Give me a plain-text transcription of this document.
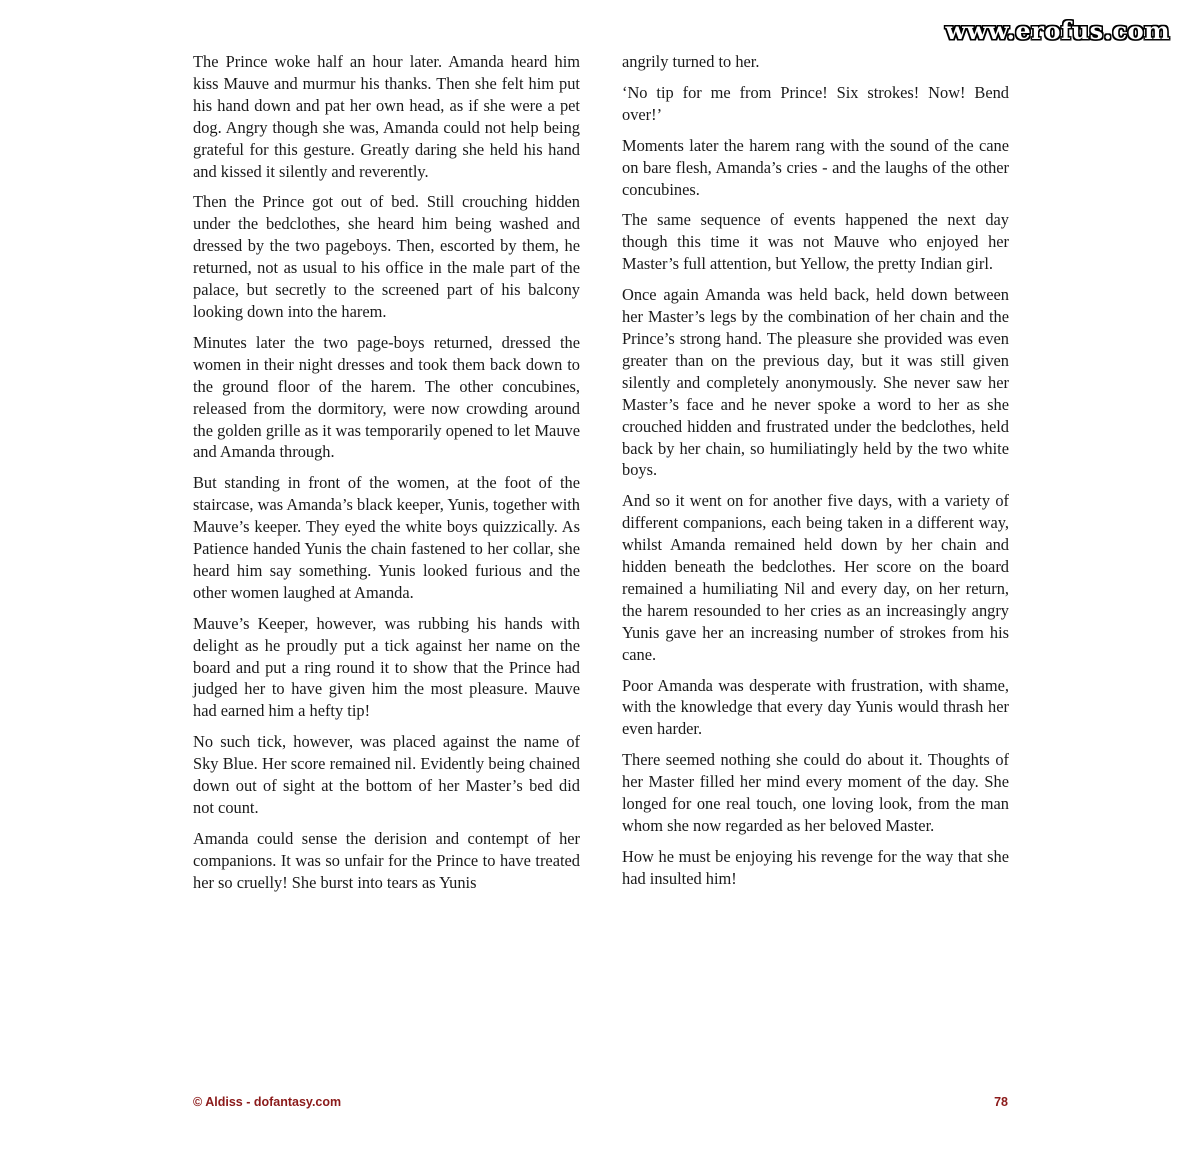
www.erofus.com

The Prince woke half an hour later. Amanda heard him kiss Mauve and murmur his thanks. Then she felt him put his hand down and pat her own head, as if she were a pet dog. Angry though she was, Amanda could not help being grateful for this gesture. Greatly daring she held his hand and kissed it silently and reverently.

Then the Prince got out of bed. Still crouching hidden under the bedclothes, she heard him being washed and dressed by the two pageboys. Then, escorted by them, he returned, not as usual to his office in the male part of the palace, but secretly to the screened part of his balcony looking down into the harem.

Minutes later the two page-boys returned, dressed the women in their night dresses and took them back down to the ground floor of the harem. The other concubines, released from the dormitory, were now crowding around the golden grille as it was temporarily opened to let Mauve and Amanda through.

But standing in front of the women, at the foot of the staircase, was Amanda’s black keeper, Yunis, together with Mauve’s keeper. They eyed the white boys quizzically. As Patience handed Yunis the chain fastened to her collar, she heard him say something. Yunis looked furious and the other women laughed at Amanda.

Mauve’s Keeper, however, was rubbing his hands with delight as he proudly put a tick against her name on the board and put a ring round it to show that the Prince had judged her to have given him the most pleasure. Mauve had earned him a hefty tip!

No such tick, however, was placed against the name of Sky Blue. Her score remained nil. Evidently being chained down out of sight at the bottom of her Master’s bed did not count.

Amanda could sense the derision and contempt of her companions. It was so unfair for the Prince to have treated her so cruelly! She burst into tears as Yunis

angrily turned to her.

‘No tip for me from Prince! Six strokes! Now! Bend over!’

Moments later the harem rang with the sound of the cane on bare flesh, Amanda’s cries - and the laughs of the other concubines.

The same sequence of events happened the next day though this time it was not Mauve who enjoyed her Master’s full attention, but Yellow, the pretty Indian girl.

Once again Amanda was held back, held down between her Master’s legs by the combination of her chain and the Prince’s strong hand. The pleasure she provided was even greater than on the previous day, but it was still given silently and completely anonymously. She never saw her Master’s face and he never spoke a word to her as she crouched hidden and frustrated under the bedclothes, held back by her chain, so humiliatingly held by the two white boys.

And so it went on for another five days, with a variety of different companions, each being taken in a different way, whilst Amanda remained held down by her chain and hidden beneath the bedclothes. Her score on the board remained a humiliating Nil and every day, on her return, the harem resounded to her cries as an increasingly angry Yunis gave her an increasing number of strokes from his cane.

Poor Amanda was desperate with frustration, with shame, with the knowledge that every day Yunis would thrash her even harder.

There seemed nothing she could do about it. Thoughts of her Master filled her mind every moment of the day. She longed for one real touch, one loving look, from the man whom she now regarded as her beloved Master.

How he must be enjoying his revenge for the way that she had insulted him!

© Aldiss - dofantasy.com	78
